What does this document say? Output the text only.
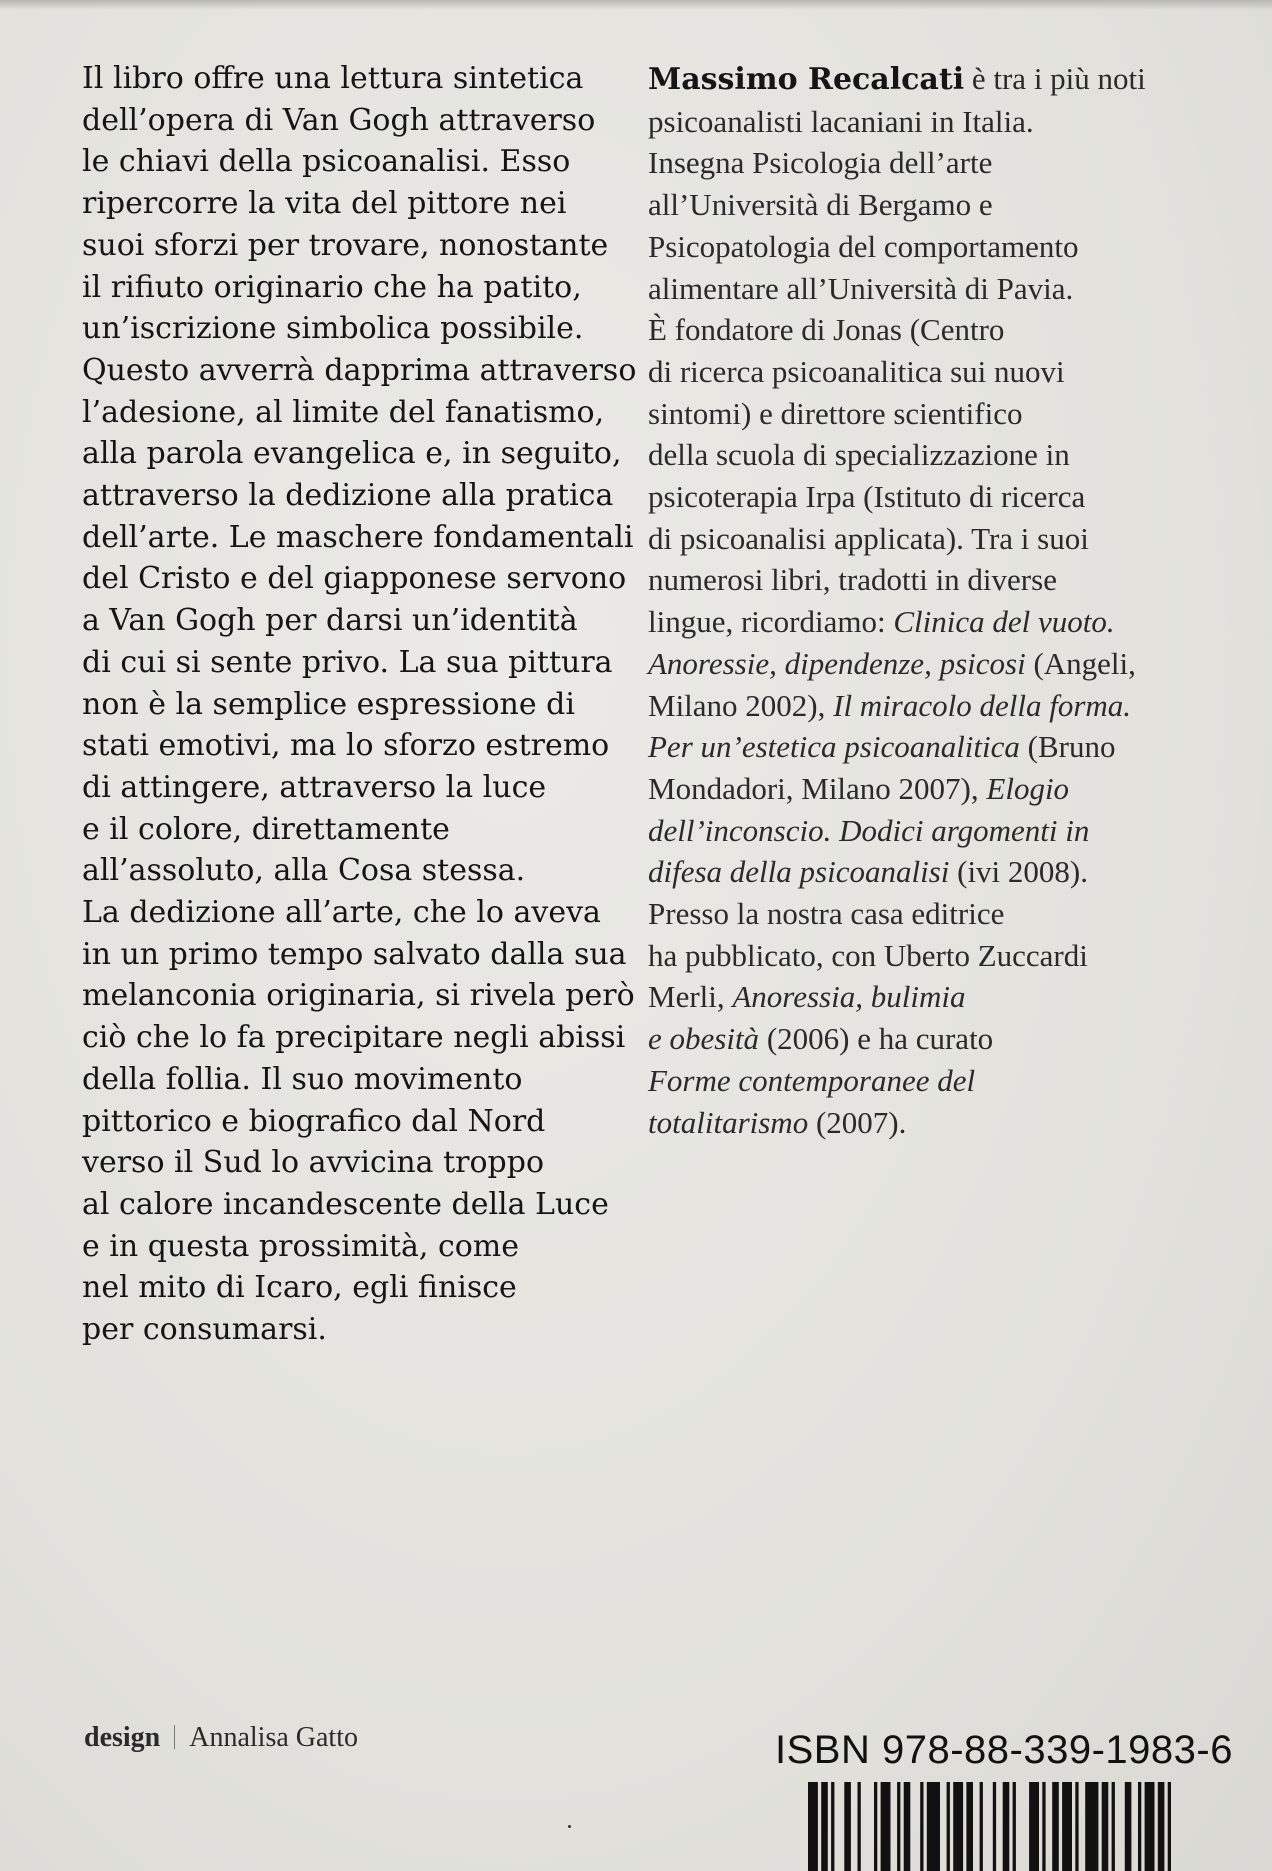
Il libro offre una lettura sintetica
dell’opera di Van Gogh attraverso
le chiavi della psicoanalisi. Esso
ripercorre la vita del pittore nei
suoi sforzi per trovare, nonostante
il rifiuto originario che ha patito,
un’iscrizione simbolica possibile.
Questo avverrà dapprima attraverso
l’adesione, al limite del fanatismo,
alla parola evangelica e, in seguito,
attraverso la dedizione alla pratica
dell’arte. Le maschere fondamentali
del Cristo e del giapponese servono
a Van Gogh per darsi un’identità
di cui si sente privo. La sua pittura
non è la semplice espressione di
stati emotivi, ma lo sforzo estremo
di attingere, attraverso la luce
e il colore, direttamente
all’assoluto, alla Cosa stessa.
La dedizione all’arte, che lo aveva
in un primo tempo salvato dalla sua
melanconia originaria, si rivela però
ciò che lo fa precipitare negli abissi
della follia. Il suo movimento
pittorico e biografico dal Nord
verso il Sud lo avvicina troppo
al calore incandescente della Luce
e in questa prossimità, come
nel mito di Icaro, egli finisce
per consumarsi.

Massimo Recalcati è tra i più noti
psicoanalisti lacaniani in Italia.
Insegna Psicologia dell’arte
all’Università di Bergamo e
Psicopatologia del comportamento
alimentare all’Università di Pavia.
È fondatore di Jonas (Centro
di ricerca psicoanalitica sui nuovi
sintomi) e direttore scientifico
della scuola di specializzazione in
psicoterapia Irpa (Istituto di ricerca
di psicoanalisi applicata). Tra i suoi
numerosi libri, tradotti in diverse
lingue, ricordiamo: Clinica del vuoto.
Anoressie, dipendenze, psicosi (Angeli,
Milano 2002), Il miracolo della forma.
Per un’estetica psicoanalitica (Bruno
Mondadori, Milano 2007), Elogio
dell’inconscio. Dodici argomenti in
difesa della psicoanalisi (ivi 2008).
Presso la nostra casa editrice
ha pubblicato, con Uberto Zuccardi
Merli, Anoressia, bulimia
e obesità (2006) e ha curato
Forme contemporanee del
totalitarismo (2007).

design Annalisa Gatto	ISBN 978-88-339-1983-6
